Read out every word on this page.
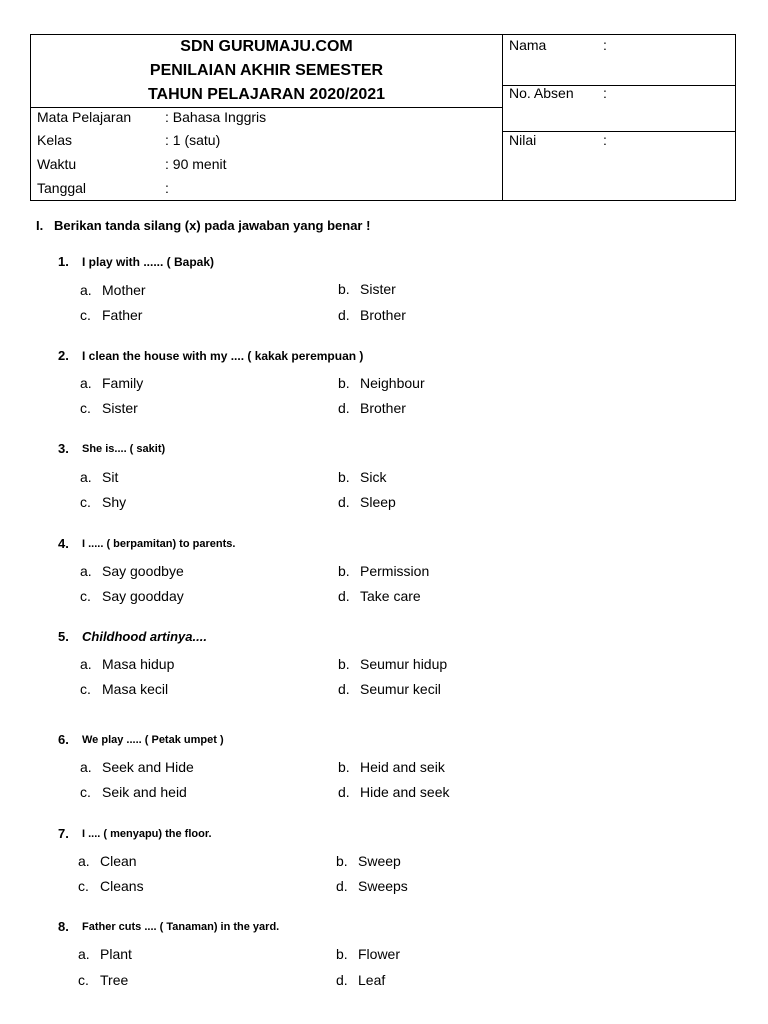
SDN GURUMAJU.COM
PENILAIAN AKHIR SEMESTER
TAHUN PELAJARAN 2020/2021
Mata Pelajaran : Bahasa Inggris
Kelas	: 1 (satu)
Waktu	: 90 menit
Tanggal	:
Nama	:
No. Absen :
Nilai	:
I. Berikan tanda silang (x) pada jawaban yang benar !
1. I play with ...... ( Bapak)
a. Mother	b. Sister
c. Father	d. Brother
2. I clean the house with my .... ( kakak perempuan )
a. Family	b. Neighbour
c. Sister	d. Brother
3. She is.... ( sakit)
a. Sit	b. Sick
c. Shy	d. Sleep
4. I ..... ( berpamitan) to parents.
a. Say goodbye	b. Permission
c. Say goodday	d. Take care
5. Childhood artinya....
a. Masa hidup	b. Seumur hidup
c. Masa kecil	d. Seumur kecil
6. We play ..... ( Petak umpet )
a. Seek and Hide	b. Heid and seik
c. Seik and heid	d. Hide and seek
7. I .... ( menyapu) the floor.
a. Clean	b. Sweep
c. Cleans	d. Sweeps
8. Father cuts .... ( Tanaman) in the yard.
a. Plant	b. Flower
c. Tree	d. Leaf
